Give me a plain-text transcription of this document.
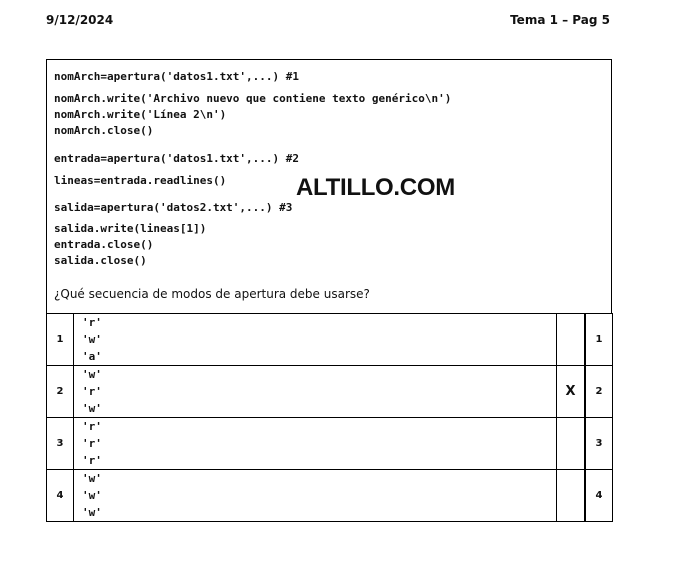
9/12/2024	Tema 1 – Pag 5
nomArch=apertura('datos1.txt',...) #1
nomArch.write('Archivo nuevo que contiene texto genérico\n')
nomArch.write('Línea 2\n')
nomArch.close()
entrada=apertura('datos1.txt',...) #2
lineas=entrada.readlines()
salida=apertura('datos2.txt',...) #3
salida.write(lineas[1])
entrada.close()
salida.close()
¿Qué secuencia de modos de apertura debe usarse?
ALTILLO.COM
1	'r'
'w'
'a'			1
2	'w'
'r'
'w'	X		2
3	'r'
'r'
'r'			3
4	'w'
'w'
'w'			4
